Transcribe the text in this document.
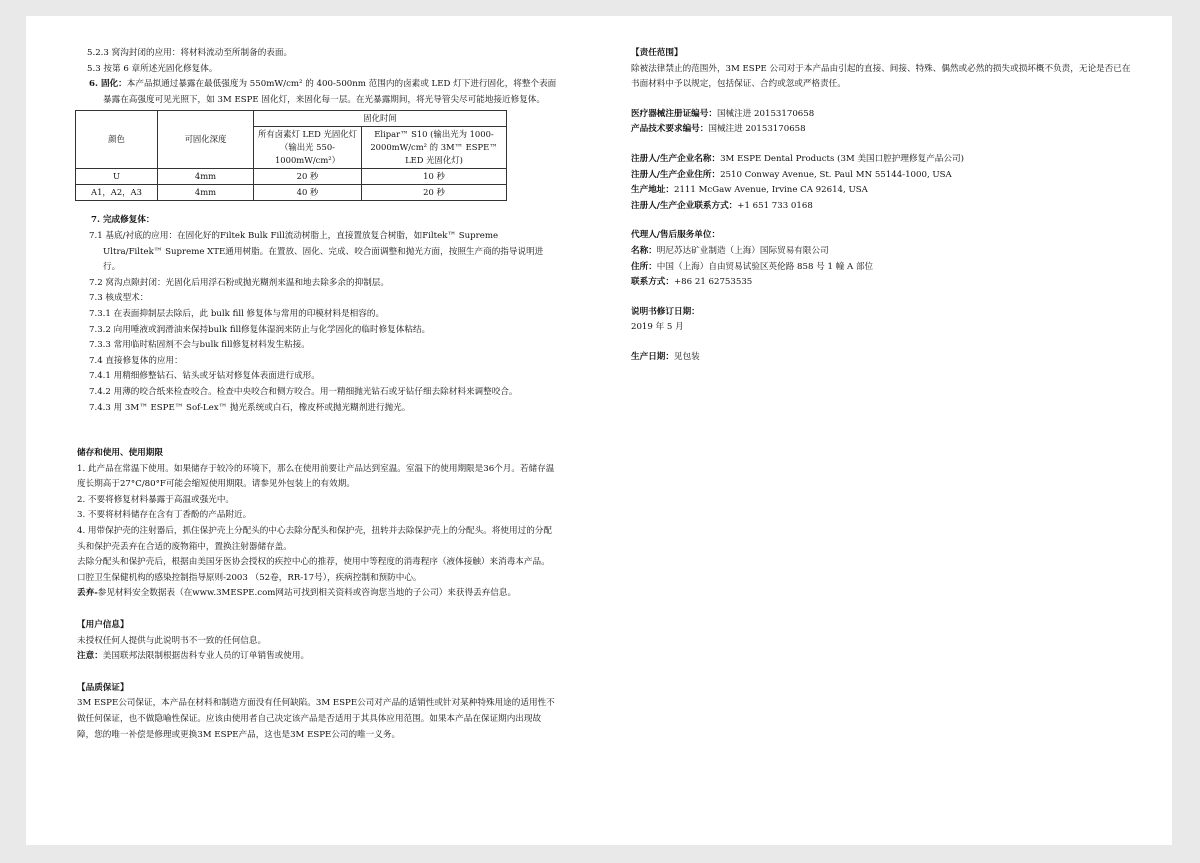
5.2.3 窝沟封闭的应用：将材料流动至所制备的表面。

5.3 按第 6 章所述光固化修复体。

6. 固化：本产品拟通过暴露在最低强度为 550mW/cm² 的 400-500nm 范围内的卤素或 LED 灯下进行固化，将整个表面暴露在高强度可见光照下，如 3M ESPE 固化灯，来固化每一层。在光暴露期间，将光导管尖尽可能地接近修复体。

颜色	可固化深度	固化时间	
		所有卤素灯 LED 光固化灯（输出光 550-1000mW/cm²）	Elipar™ S10 (输出光为 1000-2000mW/cm² 的 3M™ ESPE™ LED 光固化灯)
U	4mm	20 秒	10 秒
A1，A2，A3	4mm	40 秒	20 秒

7. 完成修复体：

7.1 基底/衬底的应用：在固化好的Filtek Bulk Fill流动树脂上，直接置放复合树脂，如Filtek™ Supreme Ultra/Filtek™ Supreme XTE通用树脂。在置放、固化、完成、咬合面调整和抛光方面，按照生产商的指导说明进行。

7.2 窝沟点隙封闭：光固化后用浮石粉或抛光糊剂来温和地去除多余的抑制层。

7.3 核成型术：

7.3.1 在表面抑制层去除后，此 bulk fill 修复体与常用的印模材料是相容的。

7.3.2 向用唾液或润滑油来保持bulk fill修复体湿润来防止与化学固化的临时修复体粘结。

7.3.3 常用临时粘固剂不会与bulk fill修复材料发生粘接。

7.4 直接修复体的应用：

7.4.1 用精细修整钻石、钻头或牙钻对修复体表面进行成形。

7.4.2 用薄的咬合纸来检查咬合。检查中央咬合和侧方咬合。用一精细抛光钻石或牙钻仔细去除材料来调整咬合。

7.4.3 用 3M™ ESPE™ Sof-Lex™ 抛光系统或白石，橡皮杯或抛光糊剂进行抛光。

储存和使用、使用期限

1. 此产品在常温下使用。如果储存于较冷的环境下，那么在使用前要让产品达到室温。室温下的使用期限是36个月。若储存温度长期高于27°C/80°F可能会缩短使用期限。请参见外包装上的有效期。

2. 不要将修复材料暴露于高温或强光中。

3. 不要将材料储存在含有丁香酚的产品附近。

4. 用带保护壳的注射器后，抓住保护壳上分配头的中心去除分配头和保护壳，扭转并去除保护壳上的分配头。将使用过的分配头和保护壳丢弃在合适的废物箱中，置换注射器储存盖。

去除分配头和保护壳后，根据由美国牙医协会授权的疾控中心的推荐，使用中等程度的消毒程序（液体接触）来消毒本产品。口腔卫生保健机构的感染控制指导原则-2003 （52卷，RR-17号），疾病控制和预防中心。

丢弃-参见材料安全数据表（在www.3MESPE.com网站可找到相关资料或咨询您当地的子公司）来获得丢弃信息。

【用户信息】

未授权任何人提供与此说明书不一致的任何信息。

注意：美国联邦法限制根据齿科专业人员的订单销售或使用。

【品质保证】

3M ESPE公司保证，本产品在材料和制造方面没有任何缺陷。3M ESPE公司对产品的适销性或针对某种特殊用途的适用性不做任何保证，也不做隐喻性保证。应该由使用者自己决定该产品是否适用于其具体应用范围。如果本产品在保证期内出现故障，您的唯一补偿是修理或更换3M ESPE产品，这也是3M ESPE公司的唯一义务。

【责任范围】

除被法律禁止的范围外，3M ESPE 公司对于本产品由引起的直接、间接、特殊、偶然或必然的损失或损坏概不负责，无论是否已在书面材料中予以规定，包括保证、合约或忽或严格责任。

医疗器械注册证编号：国械注进 20153170658

产品技术要求编号：国械注进 20153170658

注册人/生产企业名称：3M ESPE Dental Products (3M 美国口腔护理修复产品公司)

注册人/生产企业住所：2510 Conway Avenue, St. Paul MN 55144-1000, USA

生产地址：2111 McGaw Avenue, Irvine CA 92614, USA

注册人/生产企业联系方式：+1 651 733 0168

代理人/售后服务单位：

名称：明尼苏达矿业制造（上海）国际贸易有限公司

住所：中国（上海）自由贸易试验区英伦路 858 号 1 幢 A 部位

联系方式：+86 21 62753535

说明书修订日期：

2019 年 5 月

生产日期：见包装
